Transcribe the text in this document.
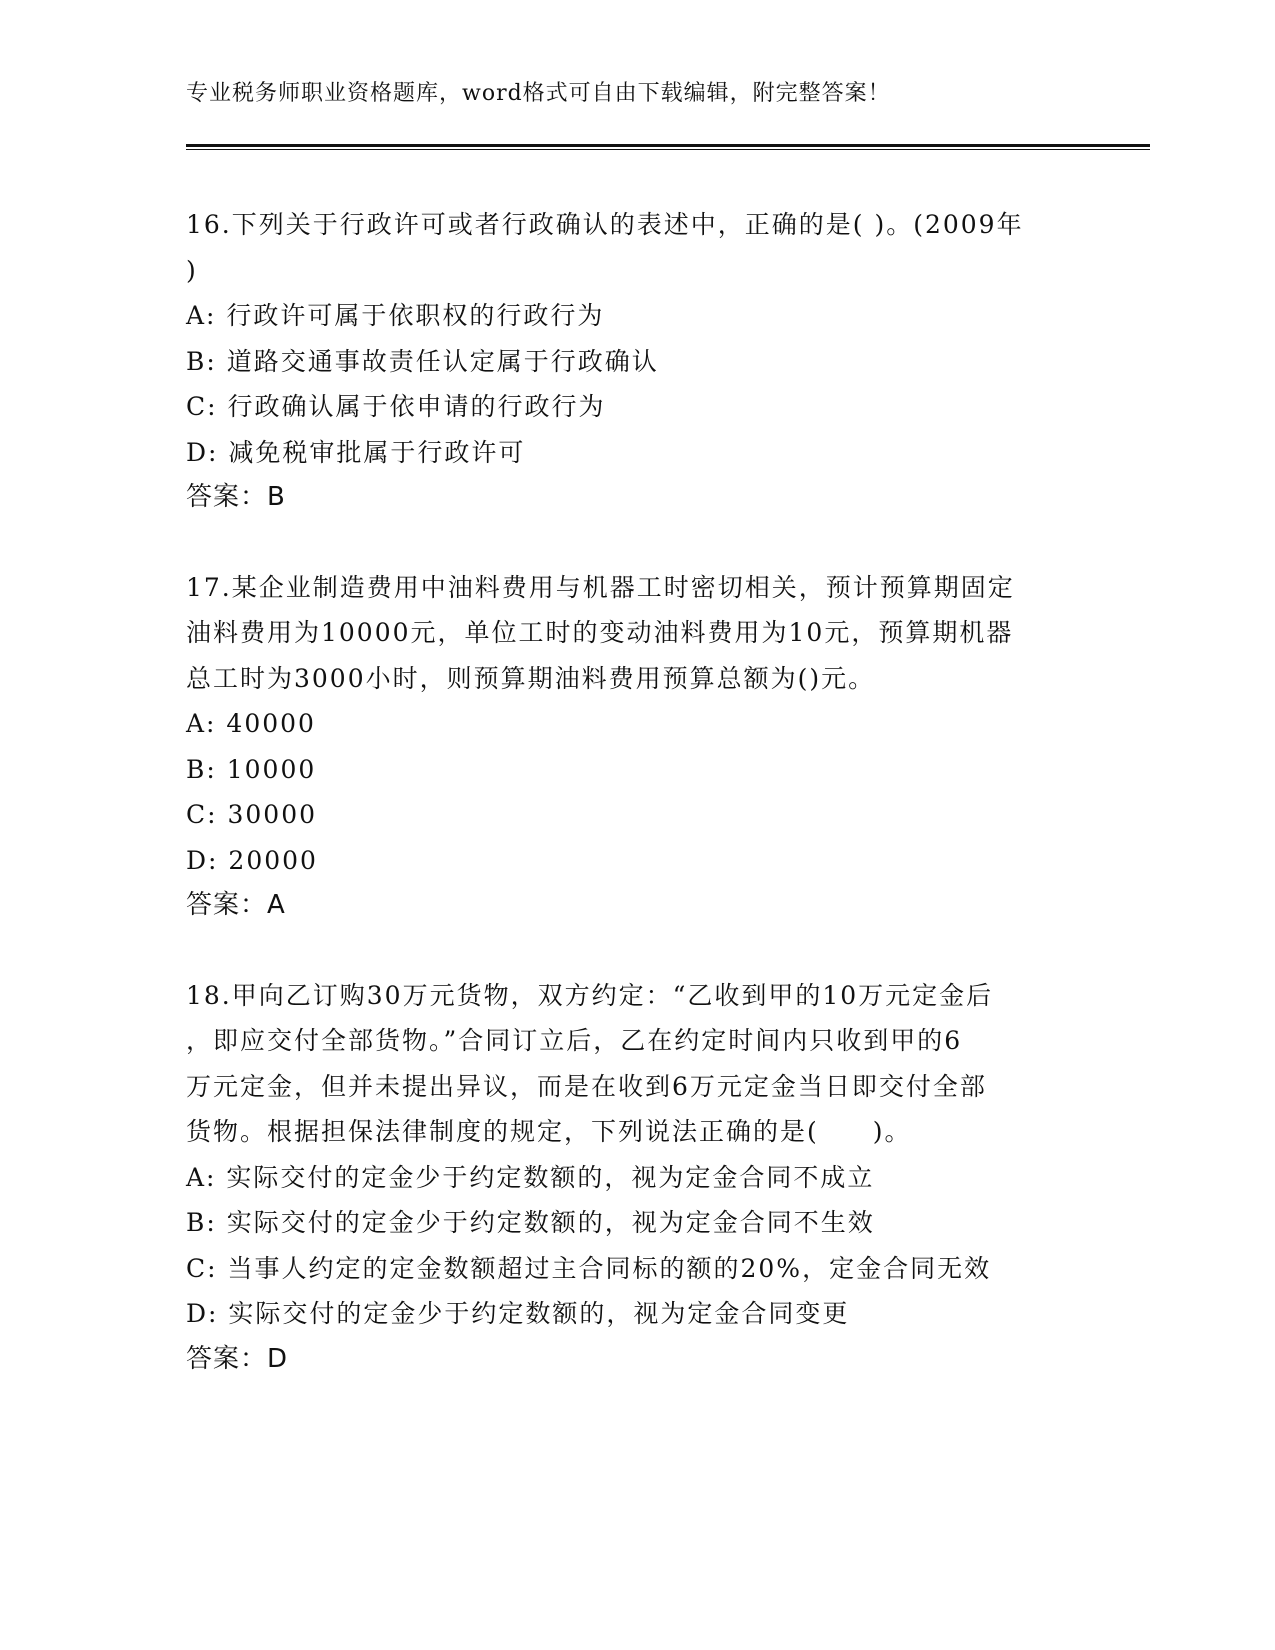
专业税务师职业资格题库，word格式可自由下载编辑，附完整答案！
16.下列关于行政许可或者行政确认的表述中，正确的是( )。(2009年
)
A: 行政许可属于依职权的行政行为
B: 道路交通事故责任认定属于行政确认
C: 行政确认属于依申请的行政行为
D: 减免税审批属于行政许可
答案：B
17.某企业制造费用中油料费用与机器工时密切相关，预计预算期固定
油料费用为10000元，单位工时的变动油料费用为10元，预算期机器
总工时为3000小时，则预算期油料费用预算总额为()元。
A: 40000
B: 10000
C: 30000
D: 20000
答案：A
18.甲向乙订购30万元货物，双方约定：“乙收到甲的10万元定金后
，即应交付全部货物。”合同订立后，乙在约定时间内只收到甲的6
万元定金，但并未提出异议，而是在收到6万元定金当日即交付全部
货物。根据担保法律制度的规定，下列说法正确的是(　　)。
A: 实际交付的定金少于约定数额的，视为定金合同不成立
B: 实际交付的定金少于约定数额的，视为定金合同不生效
C: 当事人约定的定金数额超过主合同标的额的20%，定金合同无效
D: 实际交付的定金少于约定数额的，视为定金合同变更
答案：D
